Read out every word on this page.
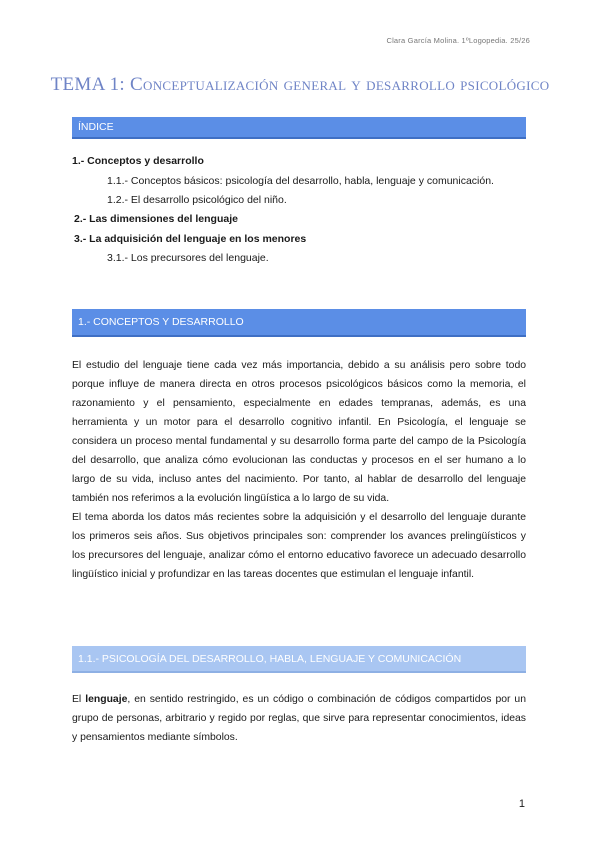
Clara García Molina. 1ºLogopedia. 25/26
TEMA 1: Conceptualización general y desarrollo psicológico
ÍNDICE
1.- Conceptos y desarrollo
1.1.- Conceptos básicos: psicología del desarrollo, habla, lenguaje y comunicación.
1.2.- El desarrollo psicológico del niño.
2.- Las dimensiones del lenguaje
3.- La adquisición del lenguaje en los menores
3.1.- Los precursores del lenguaje.
1.- CONCEPTOS Y DESARROLLO

El estudio del lenguaje tiene cada vez más importancia, debido a su análisis pero sobre todo porque influye de manera directa en otros procesos psicológicos básicos como la memoria, el razonamiento y el pensamiento, especialmente en edades tempranas, además, es una herramienta y un motor para el desarrollo cognitivo infantil. En Psicología, el lenguaje se considera un proceso mental fundamental y su desarrollo forma parte del campo de la Psicología del desarrollo, que analiza cómo evolucionan las conductas y procesos en el ser humano a lo largo de su vida, incluso antes del nacimiento. Por tanto, al hablar de desarrollo del lenguaje también nos referimos a la evolución lingüística a lo largo de su vida.

El tema aborda los datos más recientes sobre la adquisición y el desarrollo del lenguaje durante los primeros seis años. Sus objetivos principales son: comprender los avances prelingüísticos y los precursores del lenguaje, analizar cómo el entorno educativo favorece un adecuado desarrollo lingüístico inicial y profundizar en las tareas docentes que estimulan el lenguaje infantil.

1.1.- PSICOLOGÍA DEL DESARROLLO, HABLA, LENGUAJE Y COMUNICACIÓN

El lenguaje, en sentido restringido, es un código o combinación de códigos compartidos por un grupo de personas, arbitrario y regido por reglas, que sirve para representar conocimientos, ideas y pensamientos mediante símbolos.

1
